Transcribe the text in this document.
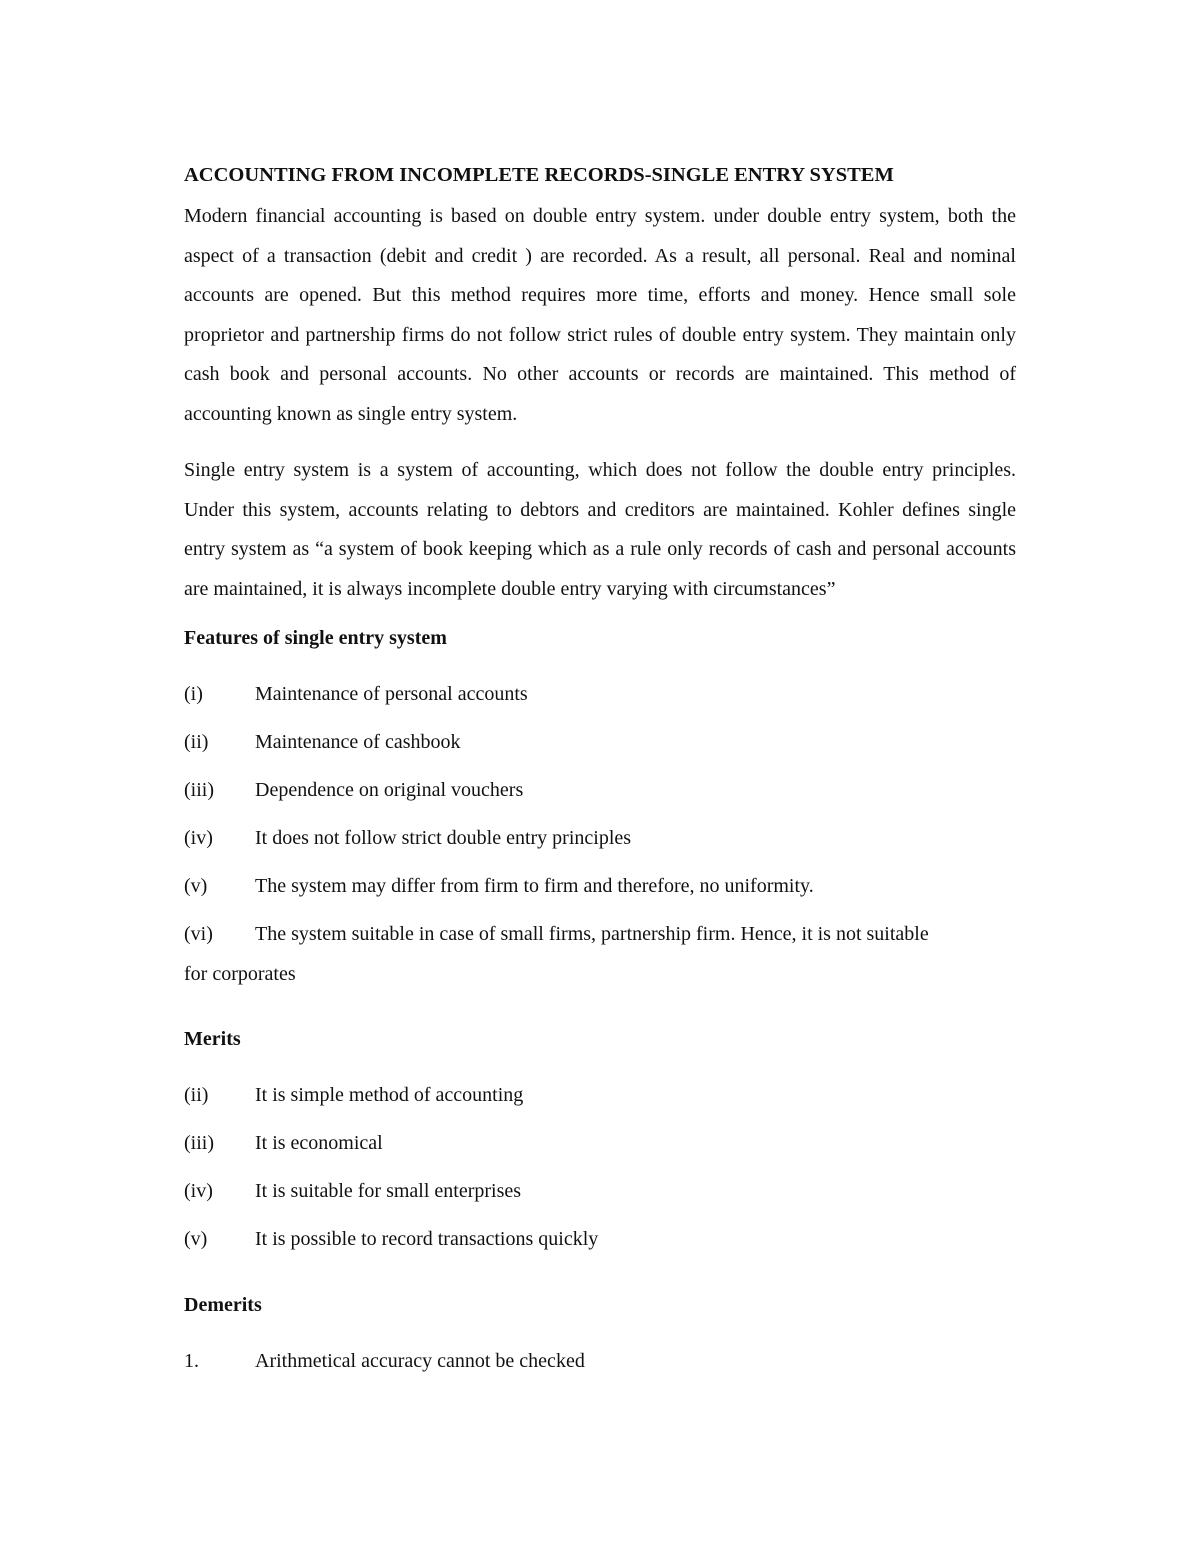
ACCOUNTING FROM INCOMPLETE RECORDS-SINGLE ENTRY SYSTEM

Modern financial accounting is based on double entry system. under double entry system, both the aspect of a transaction (debit and credit ) are recorded. As a result, all personal. Real and nominal accounts are opened. But this method requires more time, efforts and money. Hence small sole proprietor and partnership firms do not follow strict rules of double entry system. They maintain only cash book and personal accounts. No other accounts or records are maintained. This method of accounting known as single entry system.

Single entry system is a system of accounting, which does not follow the double entry principles. Under this system, accounts relating to debtors and creditors are maintained. Kohler defines single entry system as “a system of book keeping which as a rule only records of cash and personal accounts are maintained, it is always incomplete double entry varying with circumstances”

Features of single entry system
(i)	Maintenance of personal accounts
(ii) Maintenance of cashbook
(iii) Dependence on original vouchers
(iv) It does not follow strict double entry principles
(v) The system may differ from firm to firm and therefore, no uniformity.
(vi) The system suitable in case of small firms, partnership firm. Hence, it is not suitable
for corporates
Merits
(ii) It is simple method of accounting
(iii) It is economical
(iv) It is suitable for small enterprises
(v) It is possible to record transactions quickly
Demerits
1.	Arithmetical accuracy cannot be checked
